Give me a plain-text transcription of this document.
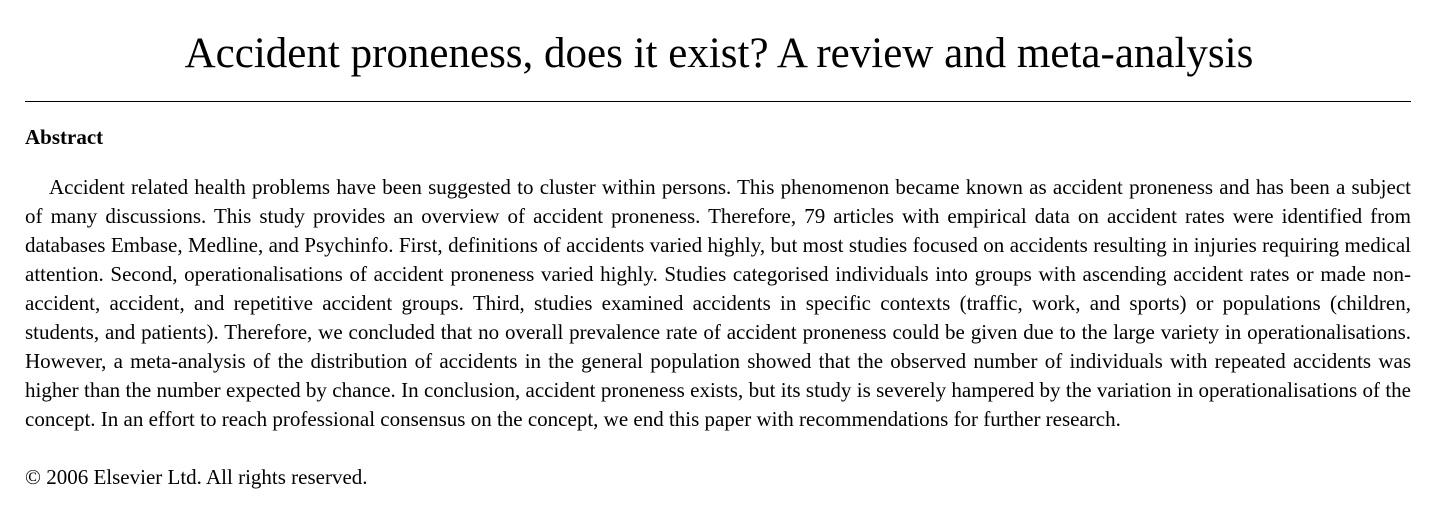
Accident proneness, does it exist? A review and meta-analysis
Abstract
Accident related health problems have been suggested to cluster within persons. This phenomenon became known as accident proneness and has been a subject of many discussions. This study provides an overview of accident proneness. Therefore, 79 articles with empirical data on accident rates were identified from databases Embase, Medline, and Psychinfo. First, definitions of accidents varied highly, but most studies focused on accidents resulting in injuries requiring medical attention. Second, operationalisations of accident proneness varied highly. Studies categorised individuals into groups with ascending accident rates or made non-accident, accident, and repetitive accident groups. Third, studies examined accidents in specific contexts (traffic, work, and sports) or populations (children, students, and patients). Therefore, we concluded that no overall prevalence rate of accident proneness could be given due to the large variety in operationalisations. However, a meta-analysis of the distribution of accidents in the general population showed that the observed number of individuals with repeated accidents was higher than the number expected by chance. In conclusion, accident proneness exists, but its study is severely hampered by the variation in operationalisations of the concept. In an effort to reach professional consensus on the concept, we end this paper with recommendations for further research.
© 2006 Elsevier Ltd. All rights reserved.
